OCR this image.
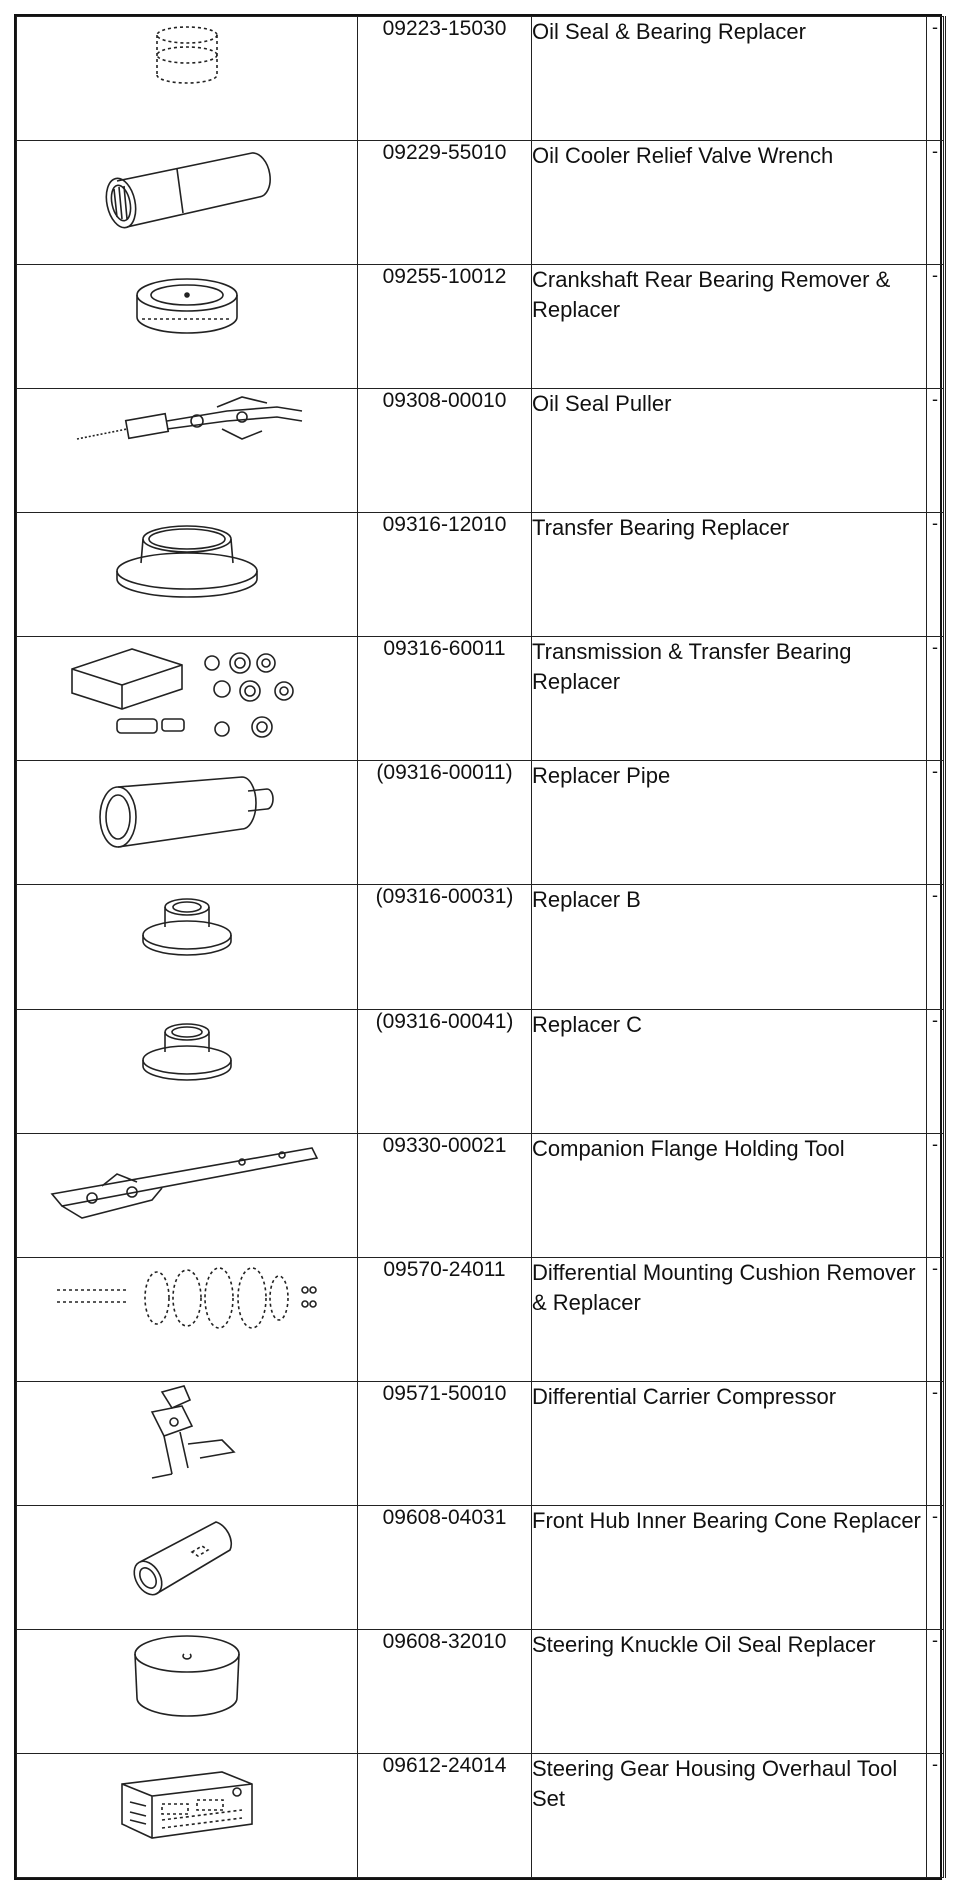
	09223-15030	Oil Seal & Bearing Replacer	-

	09229-55010	Oil Cooler Relief Valve Wrench	-

	09255-10012	Crankshaft Rear Bearing Remover & Replacer	-

	09308-00010	Oil Seal Puller	-

	09316-12010	Transfer Bearing Replacer	-

	09316-60011	Transmission & Transfer Bearing Replacer	-

	(09316-00011)	Replacer Pipe	-

	(09316-00031)	Replacer B	-

	(09316-00041)	Replacer C	-

	09330-00021	Companion Flange Holding Tool	-

	09570-24011	Differential Mounting Cushion Remover & Replacer	-

	09571-50010	Differential Carrier Compressor	-

	09608-04031	Front Hub Inner Bearing Cone Replacer	-

	09608-32010	Steering Knuckle Oil Seal Replacer	-

	09612-24014	Steering Gear Housing Overhaul Tool Set	-
